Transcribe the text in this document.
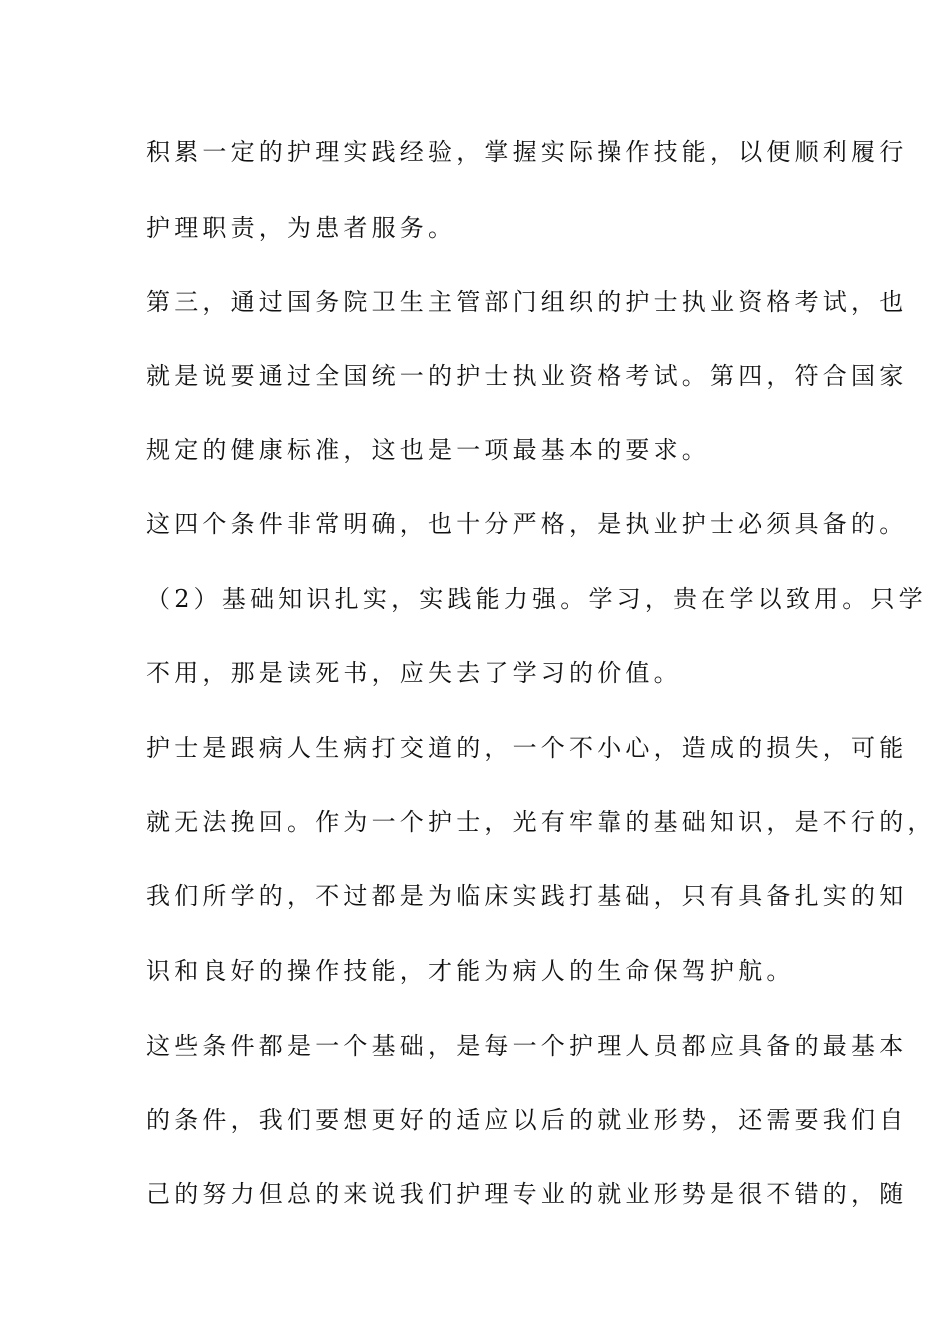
积累一定的护理实践经验，掌握实际操作技能，以便顺利履行
护理职责，为患者服务。
第三，通过国务院卫生主管部门组织的护士执业资格考试，也
就是说要通过全国统一的护士执业资格考试。第四，符合国家
规定的健康标准，这也是一项最基本的要求。
这四个条件非常明确，也十分严格，是执业护士必须具备的。
（2）基础知识扎实，实践能力强。学习，贵在学以致用。只学
不用，那是读死书，应失去了学习的价值。
护士是跟病人生病打交道的，一个不小心，造成的损失，可能
就无法挽回。作为一个护士，光有牢靠的基础知识，是不行的，
我们所学的，不过都是为临床实践打基础，只有具备扎实的知
识和良好的操作技能，才能为病人的生命保驾护航。
这些条件都是一个基础，是每一个护理人员都应具备的最基本
的条件，我们要想更好的适应以后的就业形势，还需要我们自
己的努力但总的来说我们护理专业的就业形势是很不错的，随
